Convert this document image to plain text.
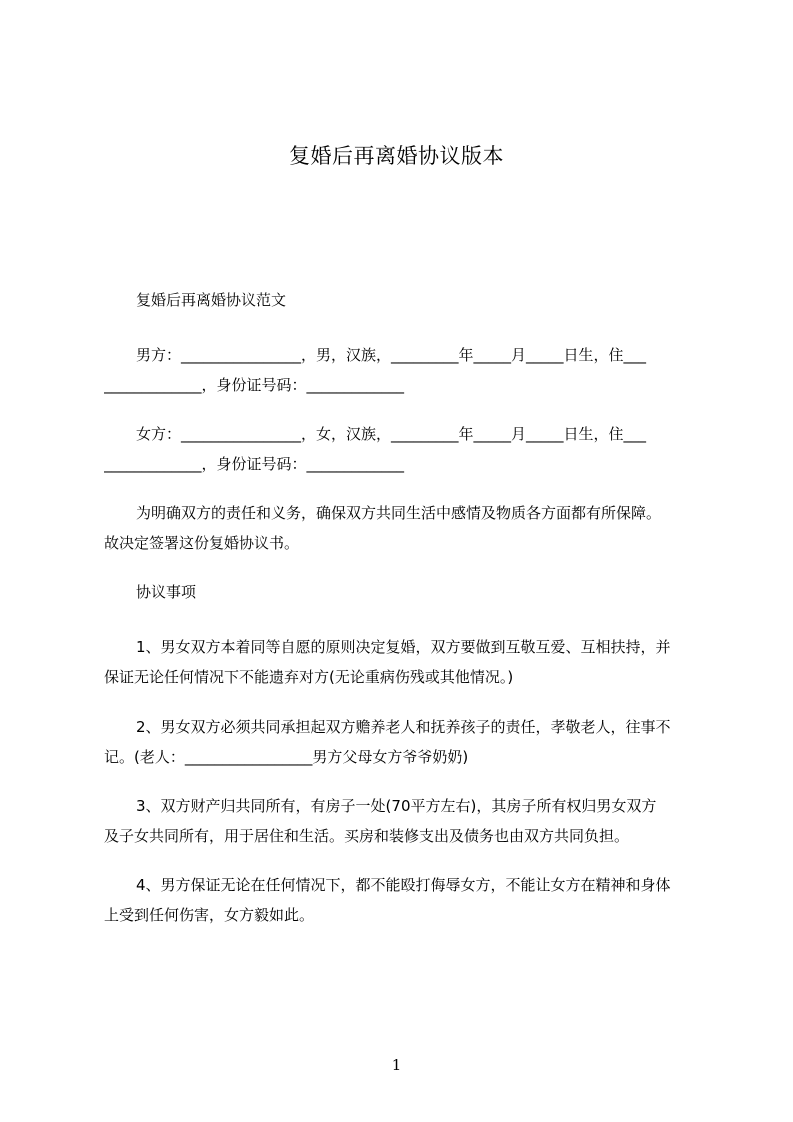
复婚后再离婚协议版本
复婚后再离婚协议范文
男方：________________，男，汉族，_________年_____月_____日生，住___
_____________，身份证号码：_____________
女方：________________，女，汉族，_________年_____月_____日生，住___
_____________，身份证号码：_____________
为明确双方的责任和义务，确保双方共同生活中感情及物质各方面都有所保障。
故决定签署这份复婚协议书。
协议事项
1、男女双方本着同等自愿的原则决定复婚，双方要做到互敬互爱、互相扶持，并
保证无论任何情况下不能遗弃对方(无论重病伤残或其他情况。)
2、男女双方必须共同承担起双方赡养老人和抚养孩子的责任，孝敬老人，往事不
记。(老人：_________________男方父母女方爷爷奶奶)
3、双方财产归共同所有，有房子一处(70平方左右)，其房子所有权归男女双方
及子女共同所有，用于居住和生活。买房和装修支出及债务也由双方共同负担。
4、男方保证无论在任何情况下，都不能殴打侮辱女方，不能让女方在精神和身体
上受到任何伤害，女方毅如此。
1
